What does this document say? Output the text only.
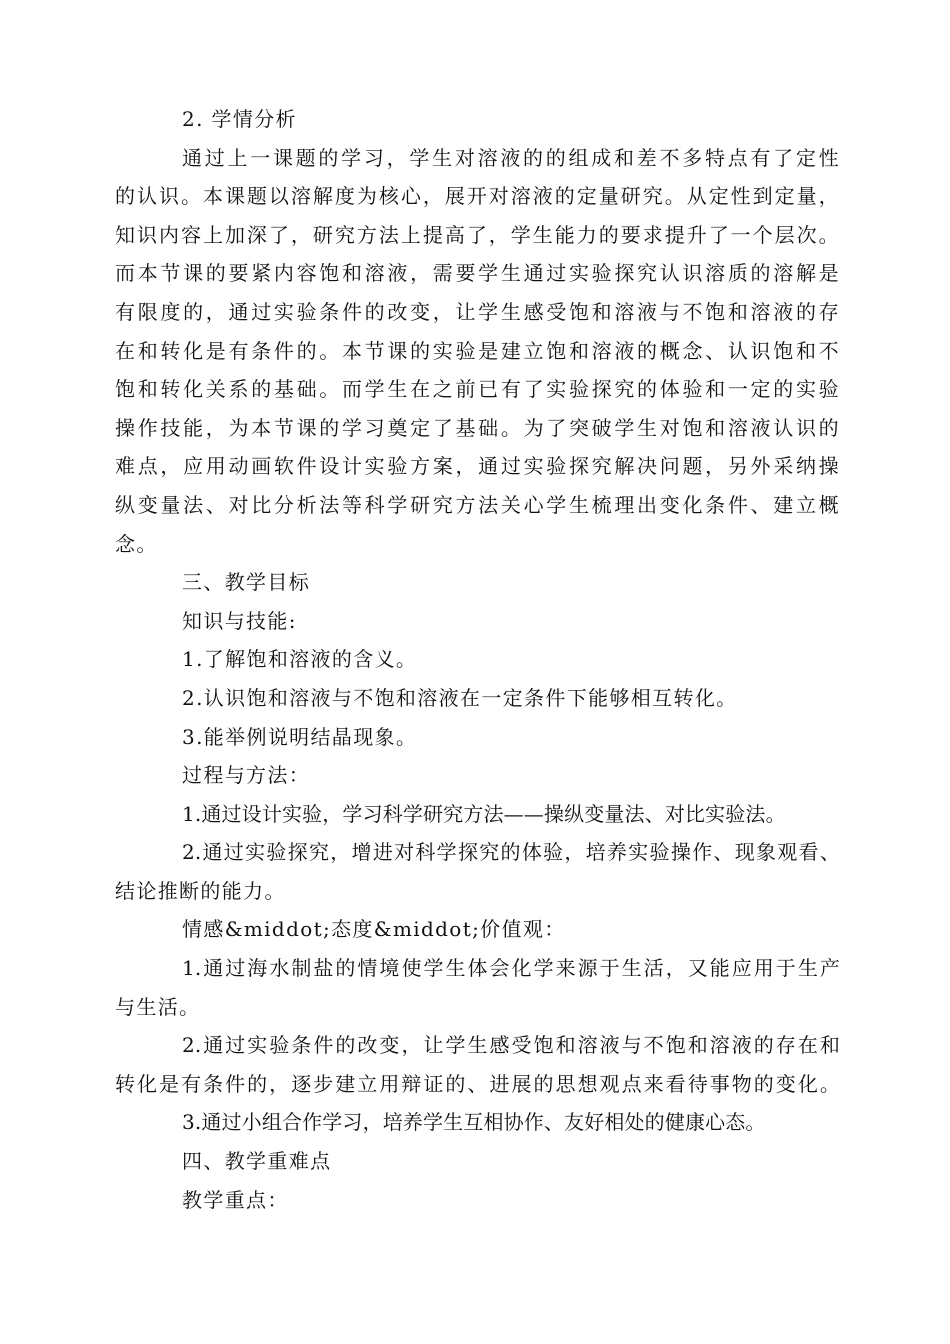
2. 学情分析
通过上一课题的学习，学生对溶液的的组成和差不多特点有了定性
的认识。本课题以溶解度为核心，展开对溶液的定量研究。从定性到定量，
知识内容上加深了，研究方法上提高了，学生能力的要求提升了一个层次。
而本节课的要紧内容饱和溶液，需要学生通过实验探究认识溶质的溶解是
有限度的，通过实验条件的改变，让学生感受饱和溶液与不饱和溶液的存
在和转化是有条件的。本节课的实验是建立饱和溶液的概念、认识饱和不
饱和转化关系的基础。而学生在之前已有了实验探究的体验和一定的实验
操作技能，为本节课的学习奠定了基础。为了突破学生对饱和溶液认识的
难点，应用动画软件设计实验方案，通过实验探究解决问题，另外采纳操
纵变量法、对比分析法等科学研究方法关心学生梳理出变化条件、建立概
念。
三、教学目标
知识与技能:
1.了解饱和溶液的含义。
2.认识饱和溶液与不饱和溶液在一定条件下能够相互转化。
3.能举例说明结晶现象。
过程与方法：
1.通过设计实验，学习科学研究方法——操纵变量法、对比实验法。
2.通过实验探究，增进对科学探究的体验，培养实验操作、现象观看、
结论推断的能力。
情感&middot;态度&middot;价值观：
1.通过海水制盐的情境使学生体会化学来源于生活，又能应用于生产
与生活。
2.通过实验条件的改变，让学生感受饱和溶液与不饱和溶液的存在和
转化是有条件的，逐步建立用辩证的、进展的思想观点来看待事物的变化。
3.通过小组合作学习，培养学生互相协作、友好相处的健康心态。
四、教学重难点
教学重点：
